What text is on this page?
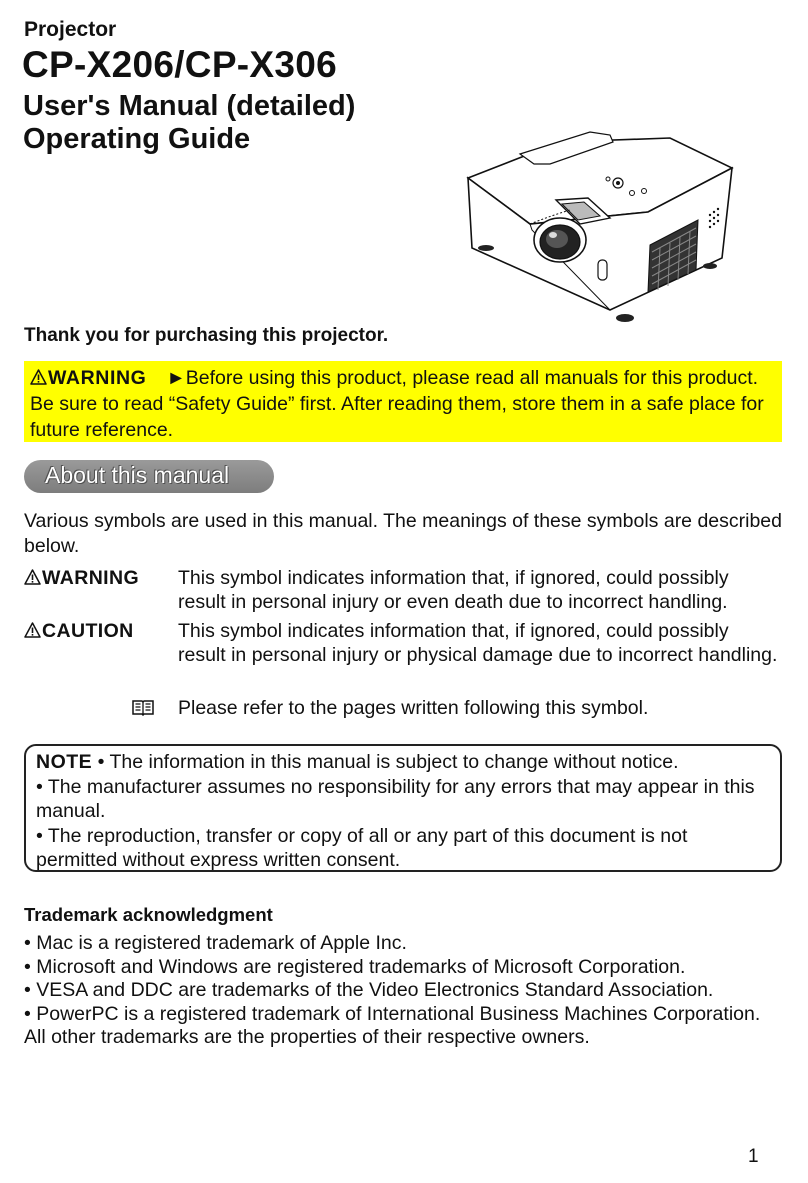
Projector
CP-X206/CP-X306
User's Manual (detailed)
Operating Guide
Thank you for purchasing this projector.
WARNING ►Before using this product, please read all manuals for this product. Be sure to read “Safety Guide” first. After reading them, store them in a safe place for future reference.
About this manual
Various symbols are used in this manual. The meanings of these symbols are described below.
WARNING This symbol indicates information that, if ignored, could possibly result in personal injury or even death due to incorrect handling.
CAUTION This symbol indicates information that, if ignored, could possibly result in personal injury or physical damage due to incorrect handling.
Please refer to the pages written following this symbol.
NOTE • The information in this manual is subject to change without notice.
• The manufacturer assumes no responsibility for any errors that may appear in this manual.
• The reproduction, transfer or copy of all or any part of this document is not permitted without express written consent.
Trademark acknowledgment
• Mac is a registered trademark of Apple Inc.
• Microsoft and Windows are registered trademarks of Microsoft Corporation.
• VESA and DDC are trademarks of the Video Electronics Standard Association.
• PowerPC is a registered trademark of International Business Machines Corporation.
All other trademarks are the properties of their respective owners.
1
